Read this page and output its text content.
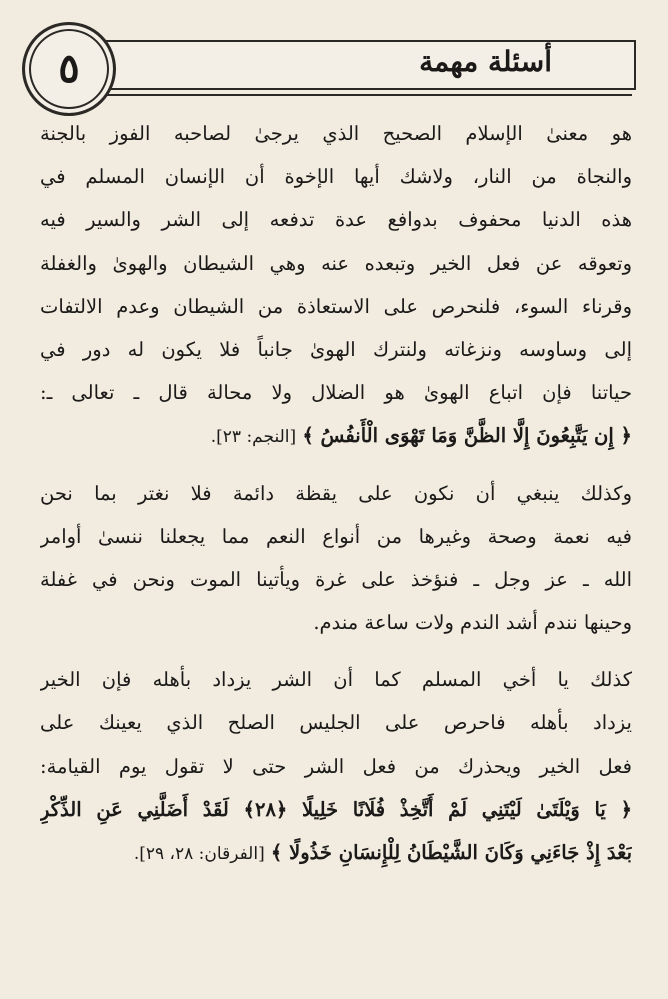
أسئلة مهمة
٥
هو معنىٰ الإسلام الصحيح الذي يرجىٰ لصاحبه الفوز بالجنة
والنجاة من النار، ولاشك أيها الإخوة أن الإنسان المسلم في
هذه الدنيا محفوف بدوافع عدة تدفعه إلى الشر والسير فيه
وتعوقه عن فعل الخير وتبعده عنه وهي الشيطان والهوىٰ والغفلة
وقرناء السوء، فلنحرص على الاستعاذة من الشيطان وعدم الالتفات
إلى وساوسه ونزغاته ولنترك الهوىٰ جانباً فلا يكون له دور في
حياتنا فإن اتباع الهوىٰ هو الضلال ولا محالة قال ـ تعالى ـ:
﴿ إِن يَتَّبِعُونَ إِلَّا الظَّنَّ وَمَا تَهْوَى الْأَنفُسُ ﴾ [النجم: ٢٣].
وكذلك ينبغي أن نكون على يقظة دائمة فلا نغتر بما نحن
فيه نعمة وصحة وغيرها من أنواع النعم مما يجعلنا ننسىٰ أوامر
الله ـ عز وجل ـ فنؤخذ على غرة ويأتينا الموت ونحن في غفلة
وحينها نندم أشد الندم ولات ساعة مندم.
كذلك يا أخي المسلم كما أن الشر يزداد بأهله فإن الخير
يزداد بأهله فاحرص على الجليس الصلح الذي يعينك على
فعل الخير ويحذرك من فعل الشر حتى لا تقول يوم القيامة:
﴿ يَا وَيْلَتَىٰ لَيْتَنِي لَمْ أَتَّخِذْ فُلَانًا خَلِيلًا ﴿٢٨﴾ لَقَدْ أَضَلَّنِي عَنِ الذِّكْرِ
بَعْدَ إِذْ جَاءَنِي وَكَانَ الشَّيْطَانُ لِلْإِنسَانِ خَذُولًا ﴾ [الفرقان: ٢٨، ٢٩].
